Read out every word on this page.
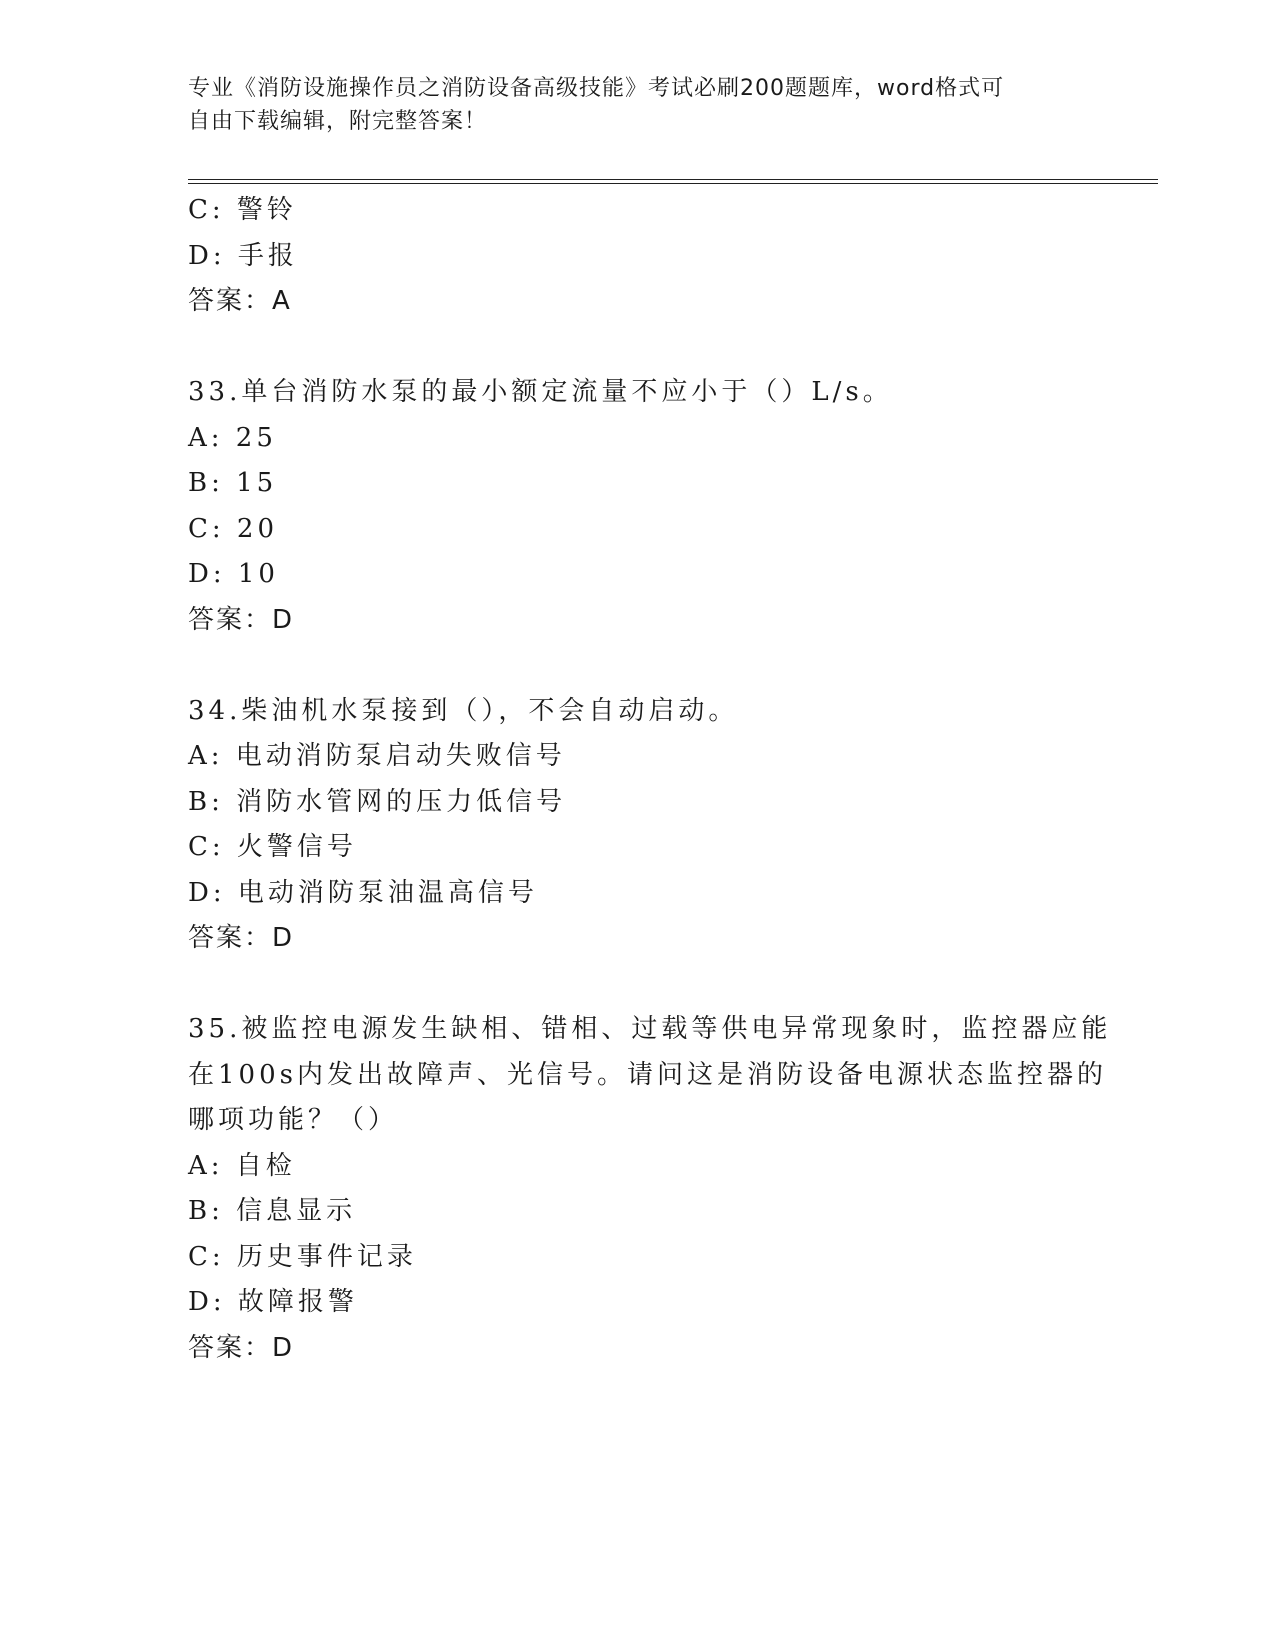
专业《消防设施操作员之消防设备高级技能》考试必刷200题题库，word格式可
自由下载编辑，附完整答案！
C: 警铃
D: 手报
答案：A
33.单台消防水泵的最小额定流量不应小于（）L/s。
A: 25
B: 15
C: 20
D: 10
答案：D
34.柴油机水泵接到（），不会自动启动。
A: 电动消防泵启动失败信号
B: 消防水管网的压力低信号
C: 火警信号
D: 电动消防泵油温高信号
答案：D
35.被监控电源发生缺相、错相、过载等供电异常现象时，监控器应能
在100s内发出故障声、光信号。请问这是消防设备电源状态监控器的
哪项功能？（）
A: 自检
B: 信息显示
C: 历史事件记录
D: 故障报警
答案：D
